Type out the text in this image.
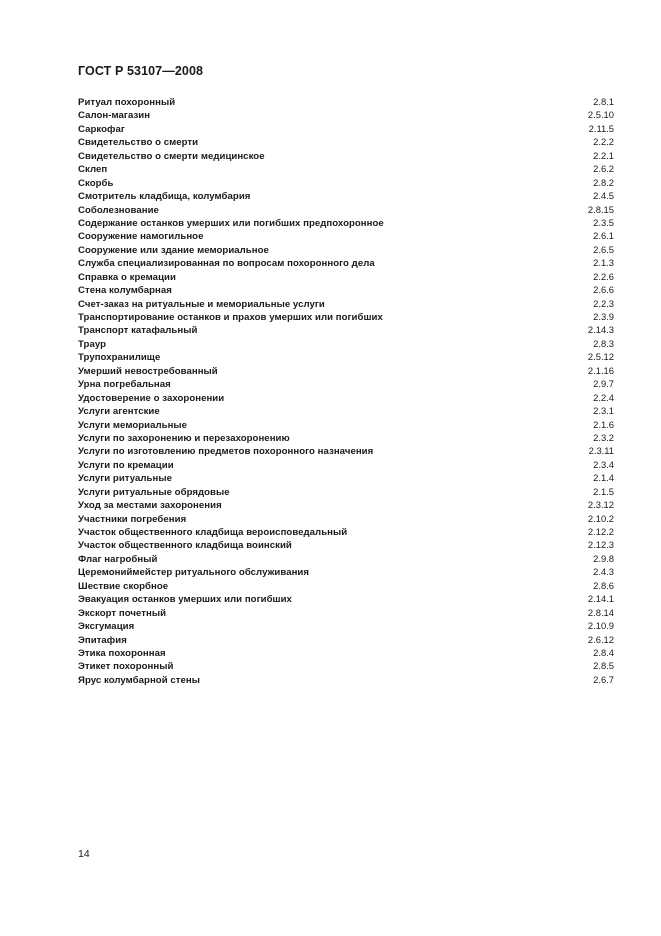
ГОСТ Р 53107—2008
Ритуал похоронный	2.8.1
Салон-магазин	2.5.10
Саркофаг	2.11.5
Свидетельство о смерти	2.2.2
Свидетельство о смерти медицинское	2.2.1
Склеп	2.6.2
Скорбь	2.8.2
Смотритель кладбища, колумбария	2.4.5
Соболезнование	2.8.15
Содержание останков умерших или погибших предпохоронное	2.3.5
Сооружение намогильное	2.6.1
Сооружение или здание мемориальное	2.6.5
Служба специализированная по вопросам похоронного дела	2.1.3
Справка о кремации	2.2.6
Стена колумбарная	2.6.6
Счет-заказ на ритуальные и мемориальные услуги	2.2.3
Транспортирование останков и прахов умерших или погибших	2.3.9
Транспорт катафальный	2.14.3
Траур	2.8.3
Трупохранилище	2.5.12
Умерший невостребованный	2.1.16
Урна погребальная	2.9.7
Удостоверение о захоронении	2.2.4
Услуги агентские	2.3.1
Услуги мемориальные	2.1.6
Услуги по захоронению и перезахоронению	2.3.2
Услуги по изготовлению предметов похоронного назначения	2.3.11
Услуги по кремации	2.3.4
Услуги ритуальные	2.1.4
Услуги ритуальные обрядовые	2.1.5
Уход за местами захоронения	2.3.12
Участники погребения	2.10.2
Участок общественного кладбища вероисповедальный	2.12.2
Участок общественного кладбища воинский	2.12.3
Флаг нагробный	2.9.8
Церемониймейстер ритуального обслуживания	2.4.3
Шествие скорбное	2.8.6
Эвакуация останков умерших или погибших	2.14.1
Экскорт почетный	2.8.14
Эксгумация	2.10.9
Эпитафия	2.6.12
Этика похоронная	2.8.4
Этикет похоронный	2.8.5
Ярус колумбарной стены	2.6.7
14
